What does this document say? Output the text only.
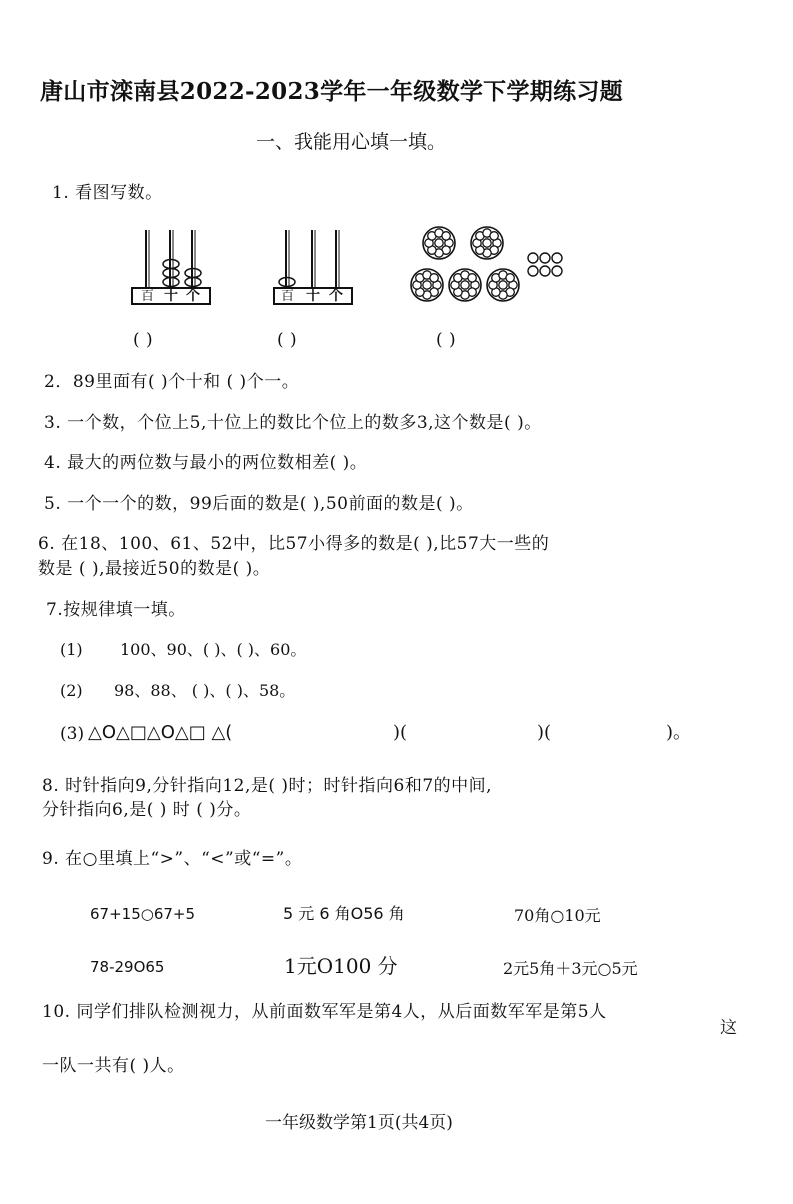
唐山市滦南县2022-2023学年一年级数学下学期练习题
一、我能用心填一填。
1. 看图写数。
百 十 个	百 十 个
( )	( )	( )
2．89里面有( )个十和 ( )个一。
3. 一个数，个位上5,十位上的数比个位上的数多3,这个数是( )。
4. 最大的两位数与最小的两位数相差( )。
5. 一个一个的数，99后面的数是( ),50前面的数是( )。
6. 在18、100、61、52中，比57小得多的数是( ),比57大一些的
数是 ( ),最接近50的数是( )。
7.按规律填一填。
(1) 100、90、( )、( )、60。
(2) 98、88、 ( )、( )、58。
(3) △O△□△O△□ △(	)(	)(	)。
8. 时针指向9,分针指向12,是( )时；时针指向6和7的中间,
分针指向6,是( ) 时 ( )分。
9. 在○里填上“>”、“<”或“=”。
67+15○67+5	5 元 6 角O56 角	70角○10元
78-29O65	1元O100 分	2元5角＋3元○5元
10. 同学们排队检测视力，从前面数军军是第4人，从后面数军军是第5人
这
一队一共有( )人。
一年级数学第1页(共4页)
